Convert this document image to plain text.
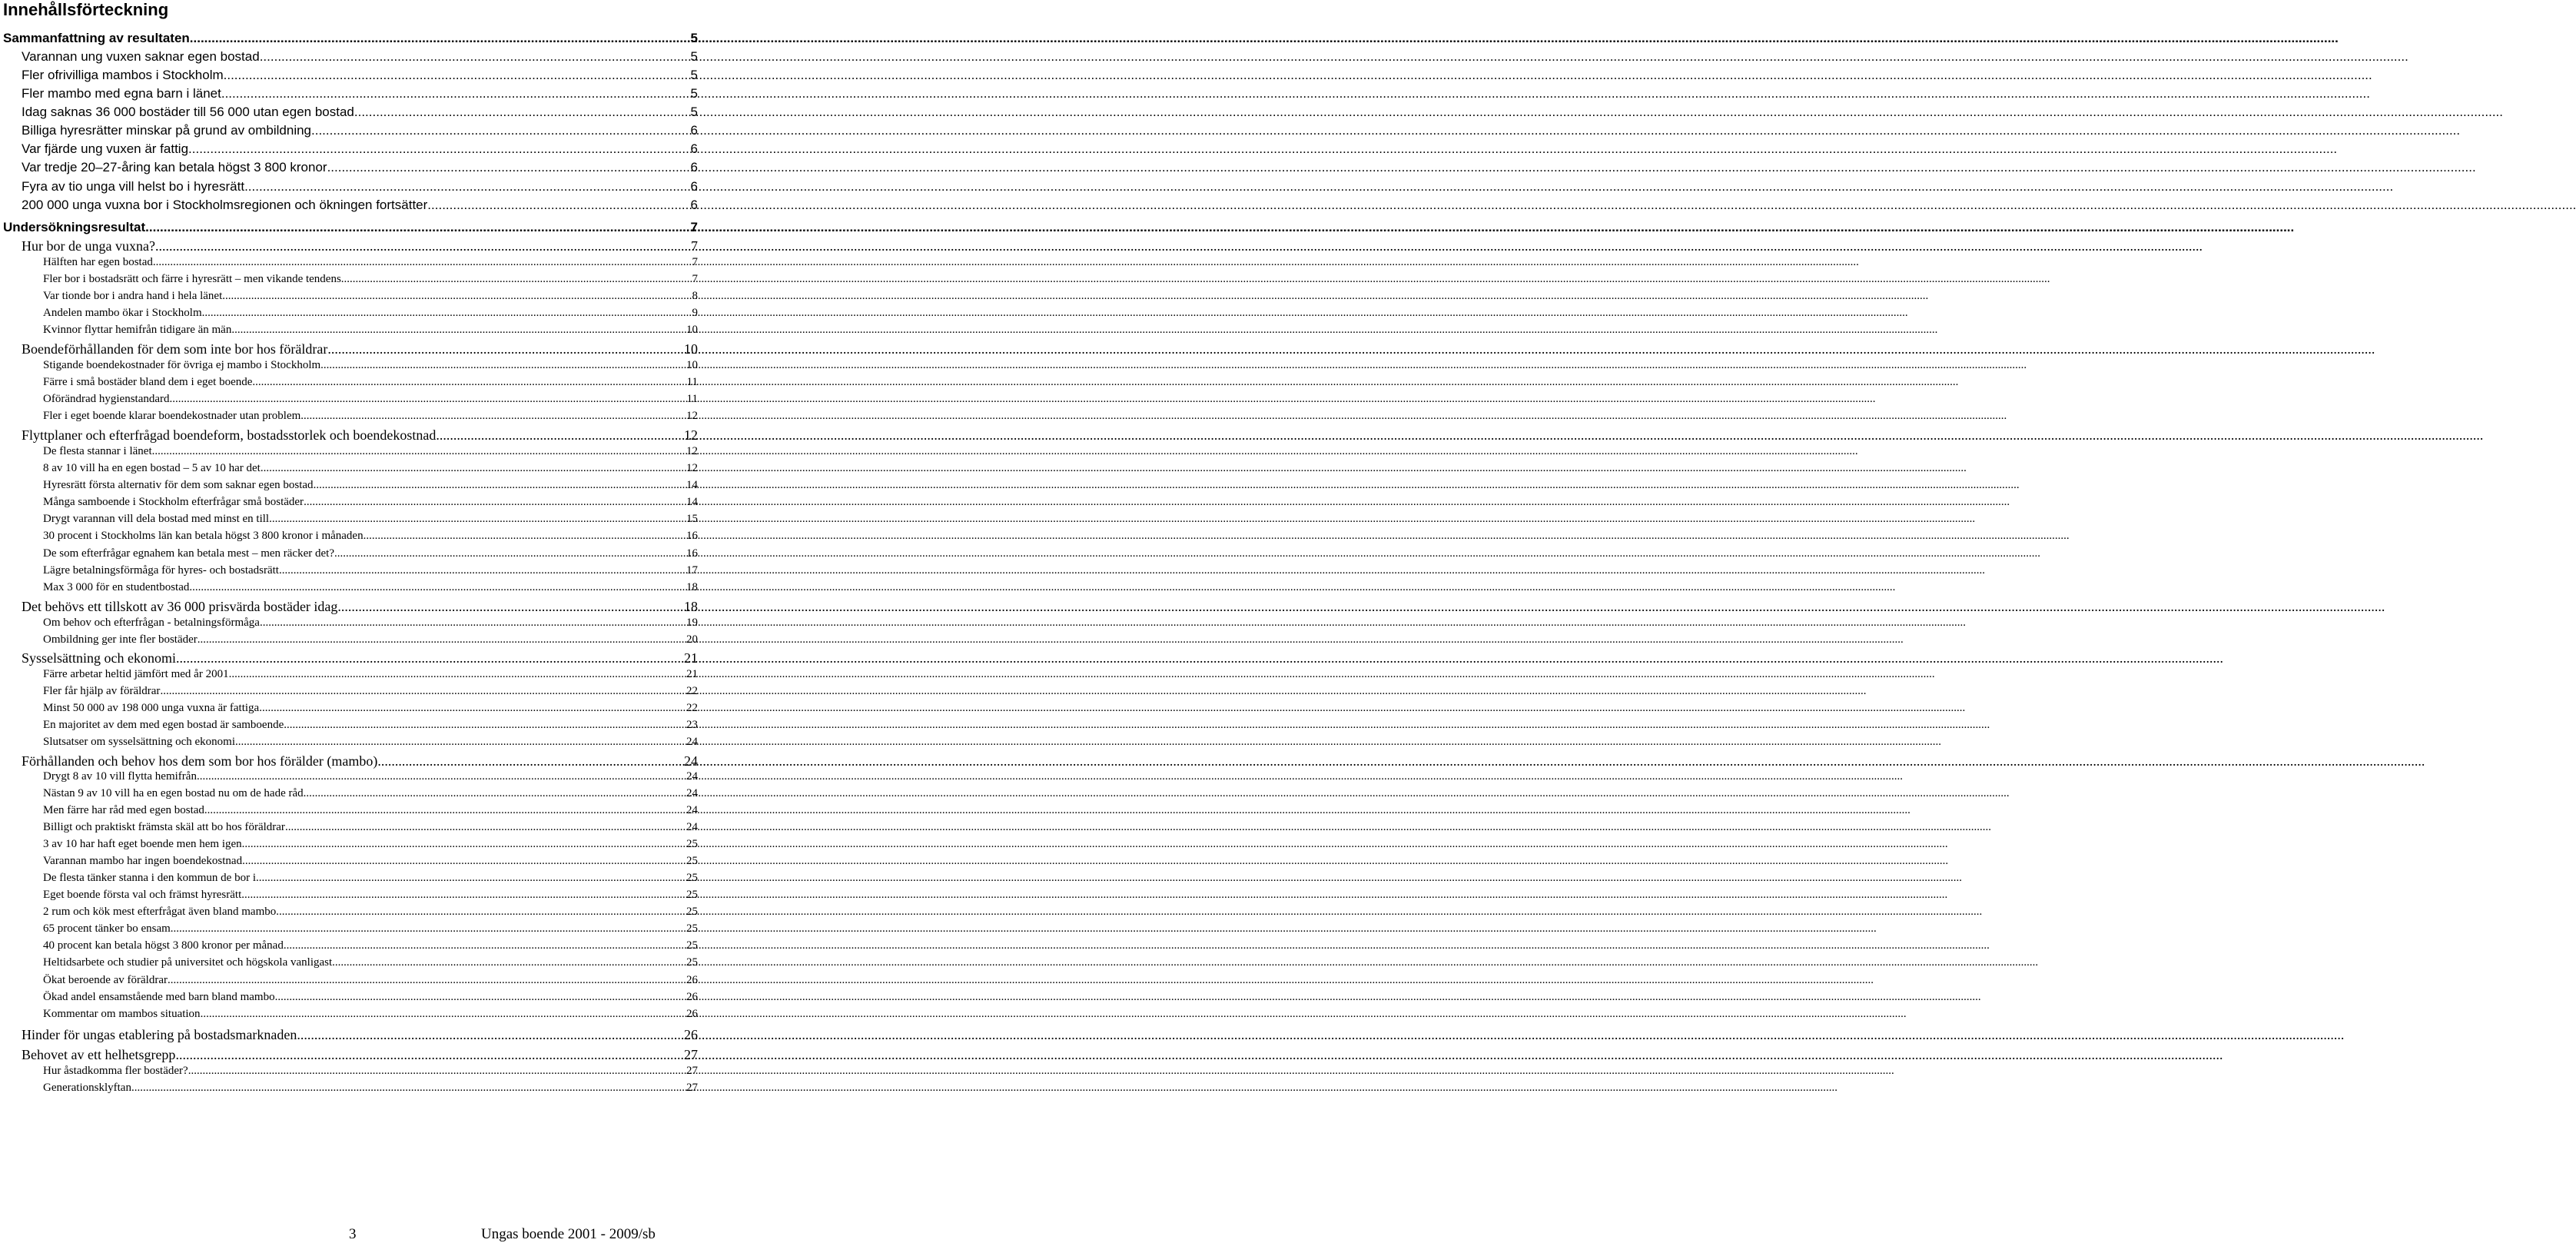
Innehållsförteckning
Sammanfattning av resultaten .....	5
Varannan ung vuxen saknar egen bostad .....	5
Fler ofrivilliga mambos i Stockholm .....	5
Fler mambo med egna barn i länet .....	5
Idag saknas 36 000 bostäder till 56 000 utan egen bostad .....	5
Billiga hyresrätter minskar på grund av ombildning .....	6
Var fjärde ung vuxen är fattig .....	6
Var tredje 20–27-åring kan betala högst 3 800 kronor .....	6
Fyra av tio unga vill helst bo i hyresrätt .....	6
200 000 unga vuxna bor i Stockholmsregionen och ökningen fortsätter .....	6
Undersökningsresultat .....	7
Hur bor de unga vuxna? .....	7
Hälften har egen bostad .....	7
Fler bor i bostadsrätt och färre i hyresrätt – men vikande tendens. .....	7
Var tionde bor i andra hand i hela länet .....	8
Andelen mambo ökar i Stockholm .....	9
Kvinnor flyttar hemifrån tidigare än män .....	10
Boendeförhållanden för dem som inte bor hos föräldrar .....	10
Stigande boendekostnader för övriga ej mambo i Stockholm .....	10
Färre i små bostäder bland dem i eget boende .....	11
Oförändrad hygienstandard .....	11
Fler i eget boende klarar boendekostnader utan problem .....	12
Flyttplaner och efterfrågad boendeform, bostadsstorlek och boendekostnad .....	12
De flesta stannar i länet .....	12
8 av 10 vill ha en egen bostad – 5 av 10 har det .....	12
Hyresrätt första alternativ för dem som saknar egen bostad .....	14
Många samboende i Stockholm efterfrågar små bostäder .....	14
Drygt varannan vill dela bostad med minst en till .....	15
30 procent i Stockholms län kan betala högst 3 800 kronor i månaden .....	16
De som efterfrågar egnahem kan betala mest – men räcker det? .....	16
Lägre betalningsförmåga för hyres- och bostadsrätt .....	17
Max 3 000 för en studentbostad .....	18
Det behövs ett tillskott av 36 000 prisvärda bostäder idag .....	18
Om behov och efterfrågan - betalningsförmåga .....	19
Ombildning ger inte fler bostäder .....	20
Sysselsättning och ekonomi .....	21
Färre arbetar heltid jämfört med år 2001 .....	21
Fler får hjälp av föräldrar .....	22
Minst 50 000 av 198 000 unga vuxna är fattiga .....	22
En majoritet av dem med egen bostad är samboende .....	23
Slutsatser om sysselsättning och ekonomi .....	24
Förhållanden och behov hos dem som bor hos förälder (mambo) .....	24
Drygt 8 av 10 vill flytta hemifrån .....	24
Nästan 9 av 10 vill ha en egen bostad nu om de hade råd .....	24
Men färre har råd med egen bostad .....	24
Billigt och praktiskt främsta skäl att bo hos föräldrar .....	24
3 av 10 har haft eget boende men hem igen .....	25
Varannan mambo har ingen boendekostnad .....	25
De flesta tänker stanna i den kommun de bor i .....	25
Eget boende första val och främst hyresrätt .....	25
2 rum och kök mest efterfrågat även bland mambo .....	25
65 procent tänker bo ensam .....	25
40 procent kan betala högst 3 800 kronor per månad .....	25
Heltidsarbete och studier på universitet och högskola vanligast .....	25
Ökat beroende av föräldrar .....	26
Ökad andel ensamstående med barn bland mambo .....	26
Kommentar om mambos situation .....	26
Hinder för ungas etablering på bostadsmarknaden .....	26
Behovet av ett helhetsgrepp .....	27
Hur åstadkomma fler bostäder? .....	27
Generationsklyftan .....	27
3	Ungas boende 2001 - 2009/sb
